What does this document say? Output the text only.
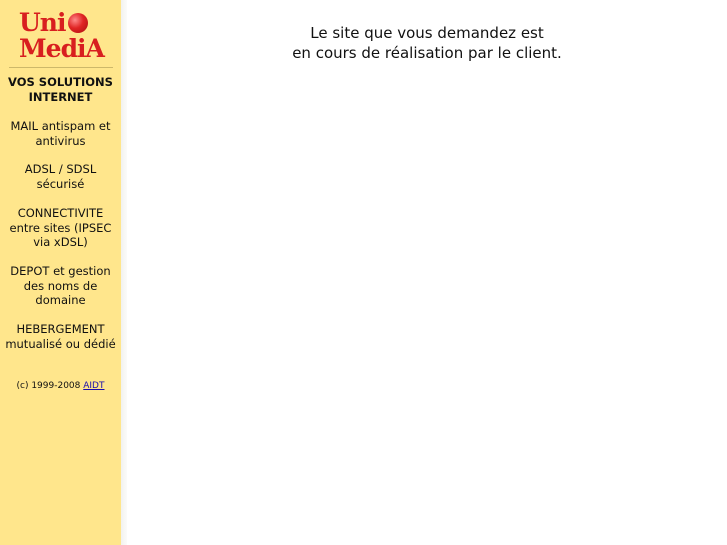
Uni
MediA
VOS SOLUTIONS INTERNET
MAIL antispam et antivirus
ADSL / SDSL sécurisé
CONNECTIVITE entre sites (IPSEC via xDSL)
DEPOT et gestion des noms de domaine
HEBERGEMENT mutualisé ou dédié
(c) 1999-2008 AIDT
Le site que vous demandez est
en cours de réalisation par le client.
